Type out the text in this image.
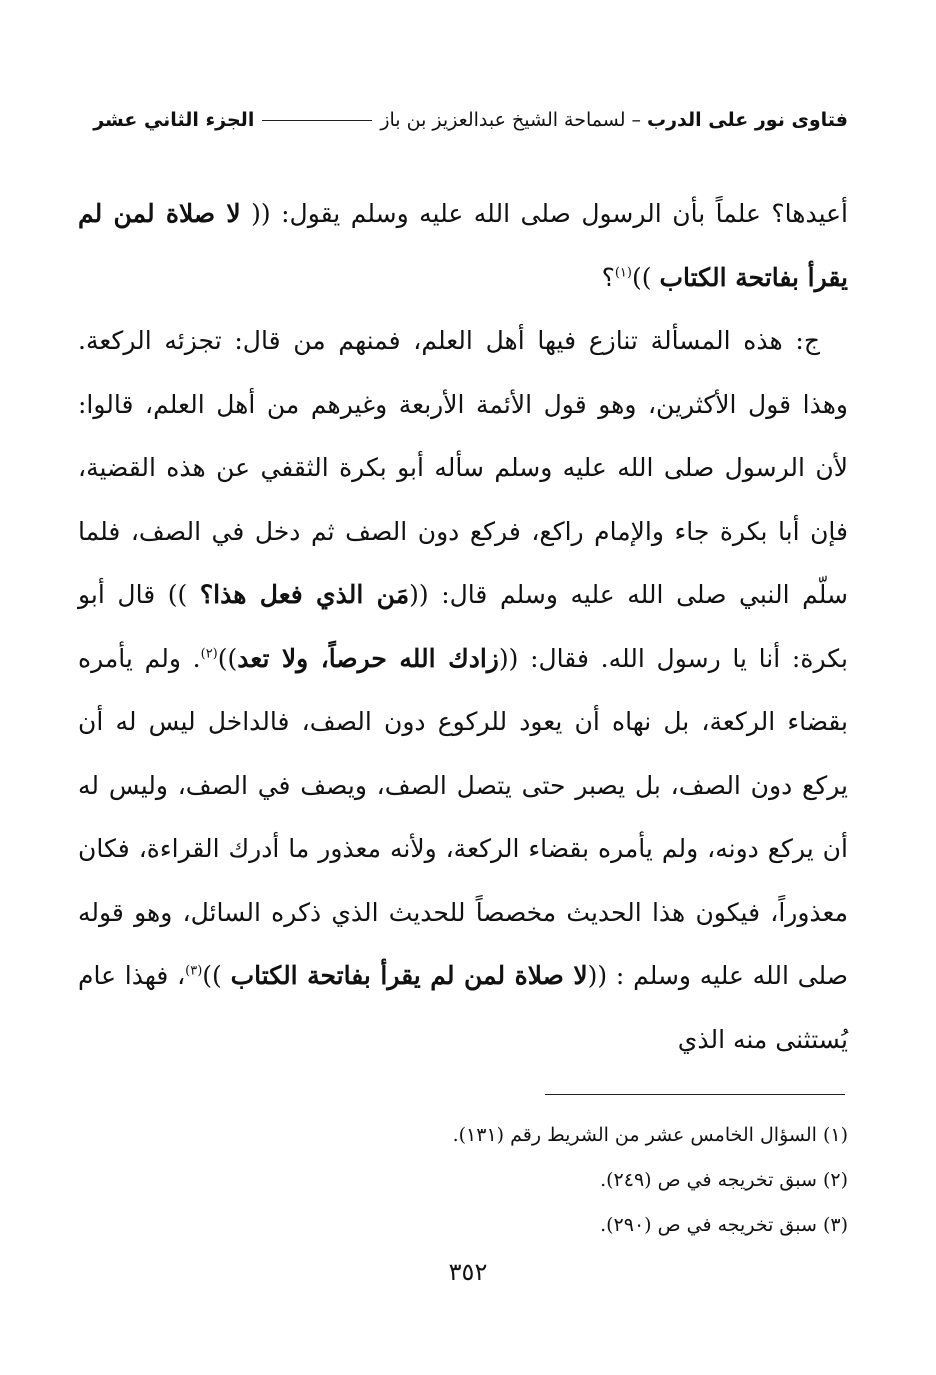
فتاوى نور على الدرب
–
لسماحة الشيخ عبدالعزيز بن باز
الجزء الثاني عشر

أعيدها؟ علماً بأن الرسول صلى الله عليه وسلم يقول: (( لا صلاة لمن لم يقرأ بفاتحة الكتاب ))$^{(١)}$؟

ج: هذه المسألة تنازع فيها أهل العلم، فمنهم من قال: تجزئه الركعة. وهذا قول الأكثرين، وهو قول الأئمة الأربعة وغيرهم من أهل العلم، قالوا: لأن الرسول صلى الله عليه وسلم سأله أبو بكرة الثقفي عن هذه القضية، فإن أبا بكرة جاء والإمام راكع، فركع دون الصف ثم دخل في الصف، فلما سلّم النبي صلى الله عليه وسلم قال: ((مَن الذي فعل هذا؟ )) قال أبو بكرة: أنا يا رسول الله. فقال: ((زادك الله حرصاً، ولا تعد))$^{(٢)}$. ولم يأمره بقضاء الركعة، بل نهاه أن يعود للركوع دون الصف، فالداخل ليس له أن يركع دون الصف، بل يصبر حتى يتصل الصف، ويصف في الصف، وليس له أن يركع دونه، ولم يأمره بقضاء الركعة، ولأنه معذور ما أدرك القراءة، فكان معذوراً، فيكون هذا الحديث مخصصاً للحديث الذي ذكره السائل، وهو قوله صلى الله عليه وسلم : ((لا صلاة لمن لم يقرأ بفاتحة الكتاب ))$^{(٣)}$، فهذا عام يُستثنى منه الذي

(١) السؤال الخامس عشر من الشريط رقم (١٣١).
(٢) سبق تخريجه في ص (٢٤٩).
(٣) سبق تخريجه في ص (٢٩٠).
٣٥٢
